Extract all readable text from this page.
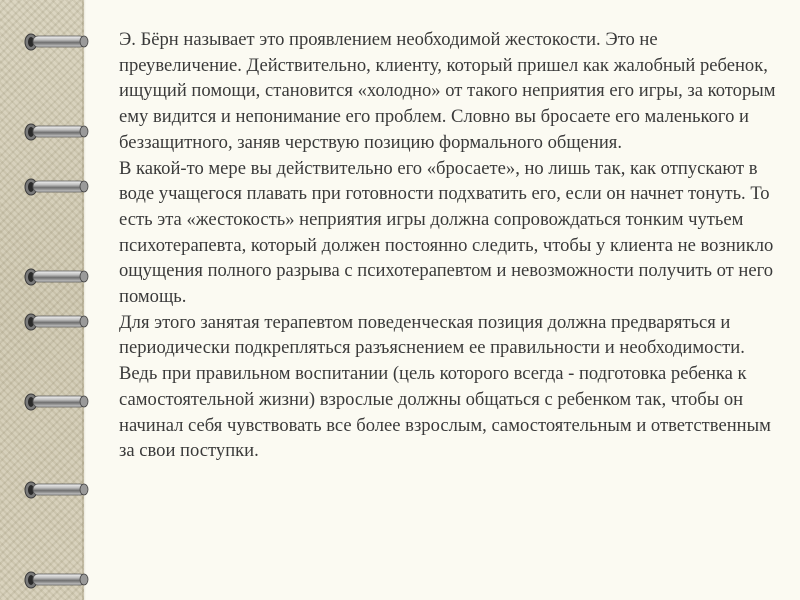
Э. Бёрн называет это проявлением необходимой жестокости. Это не преувеличение. Действительно, клиенту, который пришел как жалобный ребенок, ищущий помощи, становится «холодно» от такого неприятия его игры, за которым ему видится и непонимание его проблем. Словно вы бросаете его маленького и беззащитного, заняв черствую позицию формального общения.

В какой-то мере вы действительно его «бросаете», но лишь так, как отпускают в воде учащегося плавать при готовности подхватить его, если он начнет тонуть. То есть эта «жестокость» неприятия игры должна сопровождаться тонким чутьем психотерапевта, который должен постоянно следить, чтобы у клиента не возникло ощущения полного разрыва с психотерапевтом и невозможности получить от него помощь.

Для этого занятая терапевтом поведенческая позиция должна предваряться и периодически подкрепляться разъяснением ее правильности и необходимости. Ведь при правильном воспитании (цель которого всегда - подготовка ребенка к самостоятельной жизни) взрослые должны общаться с ребенком так, чтобы он начинал себя чувствовать все более взрослым, самостоятельным и ответственным за свои поступки.
